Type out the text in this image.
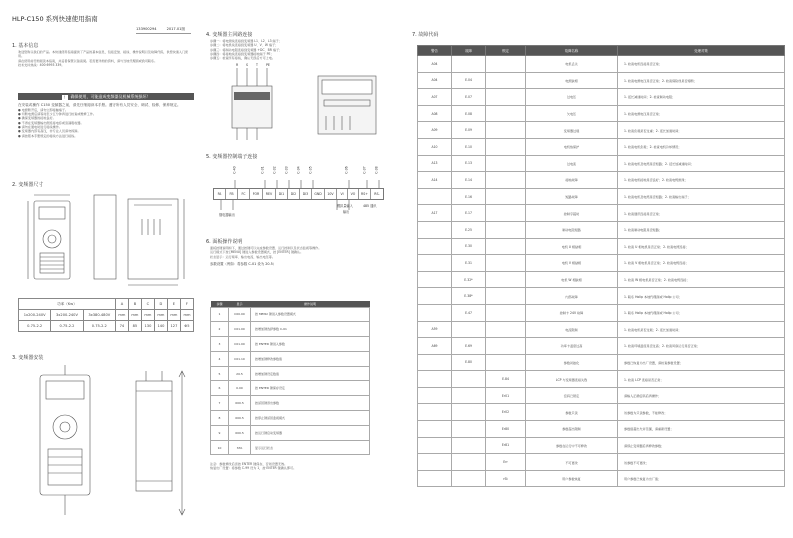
HLP-C150 系列快速使用指南
133900294	2017.01版
1. 基本信息
欢迎您购买我们的产品。本快速使用指南提供了产品的基本信息，包括安装、接线、操作说明以及故障代码，供您快速入门使用。
请在使用前仔细阅读本指南，并妥善保管以备查阅。若需更详细的资料，请与当地代理商或我司联系。
技术支持热线：400 6993 339。
! 确保使用，可能造成变频器及机械系统损坏！
在安装或操作 C150 变频器之前，请先仔细阅读本手册。遵守所有人员安全、调试、检修、保养规定。
● 电源断开后，请勿立即接触端子。
● 切断电源后请等待至少五分钟再进行检查或维修工作。
● 确保变频器的接地良好。
● 不得在变频器输出侧连接电容或浪涌吸收器。
● 请勿在通电时进行接线操作。
● 变频器内部有高压，非专业人员请勿拆卸。
● 请按照本手册规定的接线方法进行接线。
2. 变频器尺寸
功率（Kw）			A	B	C	D	E	F
1x200-240V	3x200-240V	3x380-480V	mm	mm	mm	mm	mm	mm
0.75-2.2	0.75-2.2	0.75-2.2	74	85	130	140	127	Φ5
3. 变频器安装
4. 变频器主回路连接
步骤一：将电源线连接到变频器 L1、L2、L3 端子；
步骤二：将电机线连接到变频器 U、V、W 端子；
步骤三：将制动电阻连接到变频器 +DC、BR 端子；
步骤四：将接地线连接到变频器接地端子 PE；
步骤五：检查所有接线，确认无误后方可上电。
R S T	PE
5. 变频器控制端子连接
C-40	C-31	C-32	C-33	C-34	C-35	C-36	C-37	C-38
FA	FB	FC	FOR	REV	DI1	DI2	DI3	GND	10V	VI	VO	RS+	RS-
继电器输出
模拟量输入	485 通讯
输出
6. 面板操作说明
面板按键说明如下，通过按键可以完成参数设置、运行控制以及状态监视等操作。
运行模式下按 [MENU] 键进入参数设置模式，按 [ENTER] 键确认。
状态显示：运行频率、输出电流、输出电压等。
参数设置（例如：将参数 C-01 设为 20.5）
步骤	显示	操作说明
1	C00.00	按 MENU 键进入参数设置模式
2	C01.00	按增加键选择参数 C-01
3	C01.00	按 ENTER 键进入参数
4	C01.10	按增加键修改参数值
5	20.5	按增加键设定数值
6	0.00	按 ENTER 键保存设定
7	000.5	按返回键退出参数
8	000.5	按停止键返回监视模式
9	000.5	按运行键启动变频器
10	STA	显示运行状态
注意：参数修改后需按 ENTER 键保存，否则设置无效。
恢复出厂设置：将参数 C-99 设为 1，按 ENTER 键确认即可。
7. 故障代码
警告	故障	锁定	故障名称	处理对策
A04			电机丢失	1. 检查电机连接是否正常；
A04	E.04		电源缺相	1. 检查电源电压是否正常；2. 检查保险丝是否熔断；
A07	E.07		过电压	1. 延长减速时间；2. 检查制动电阻；
A08	E.08		欠电压	1. 检查电源电压是否正常；
A09	E.09		变频器过载	1. 检查负载是否过重；2. 延长加速时间；
A10	E.10		电机热保护	1. 检查电机负载；2. 检查电机冷却情况；
A13	E.13		过电流	1. 检查电机及电缆是否短路；2. 延长加减速时间；
A14	E.14		接地故障	1. 检查电机接地是否良好；2. 检查电缆绝缘；
	E.16		短路故障	1. 检查电机及电缆是否短路；2. 检查输出端子；
A17	E.17		控制字超时	1. 检查通讯连接是否正常；
	E.25		制动电阻短路	1. 检查制动电阻是否短路；
	E.30		电机 U 相缺相	1. 检查 U 相电机是否正常；2. 检查电缆连接；
	E.31		电机 V 相缺相	1. 检查 V 相电机是否正常；2. 检查电缆连接；
	E.32*		电机 W 相缺相	1. 检查 W 相电机是否正常；2. 检查电缆连接；
	E.38*		内部故障	1. 联系 Holip 本地代理商或 Holip 公司；
	E.47		控制卡 24V 故障	1. 联系 Holip 本地代理商或 Holip 公司；
A59			电流限制	1. 检查电机是否过载；2. 延长加速时间；
A69	E.69		功率卡温度过高	1. 检查环境温度是否过高；2. 检查风扇运行是否正常；
	E.80		参数初始化	参数已恢复为出厂设置，请检查参数设置；
		E.84	LCP 与变频器连接失败	1. 检查 LCP 连接是否正常；
		Er01	密码已锁定	请输入正确密码后再操作；
		Er02	参数只读	该参数为只读参数，不能修改；
		Er80	参数超出限制	参数值超出允许范围，请重新设置；
		Er81	参数在运行中不可修改	请停止变频器后再修改参数；
		Err	不可更改	该参数不可更改；
		rSt	用户参数恢复	用户参数已恢复为出厂值；
